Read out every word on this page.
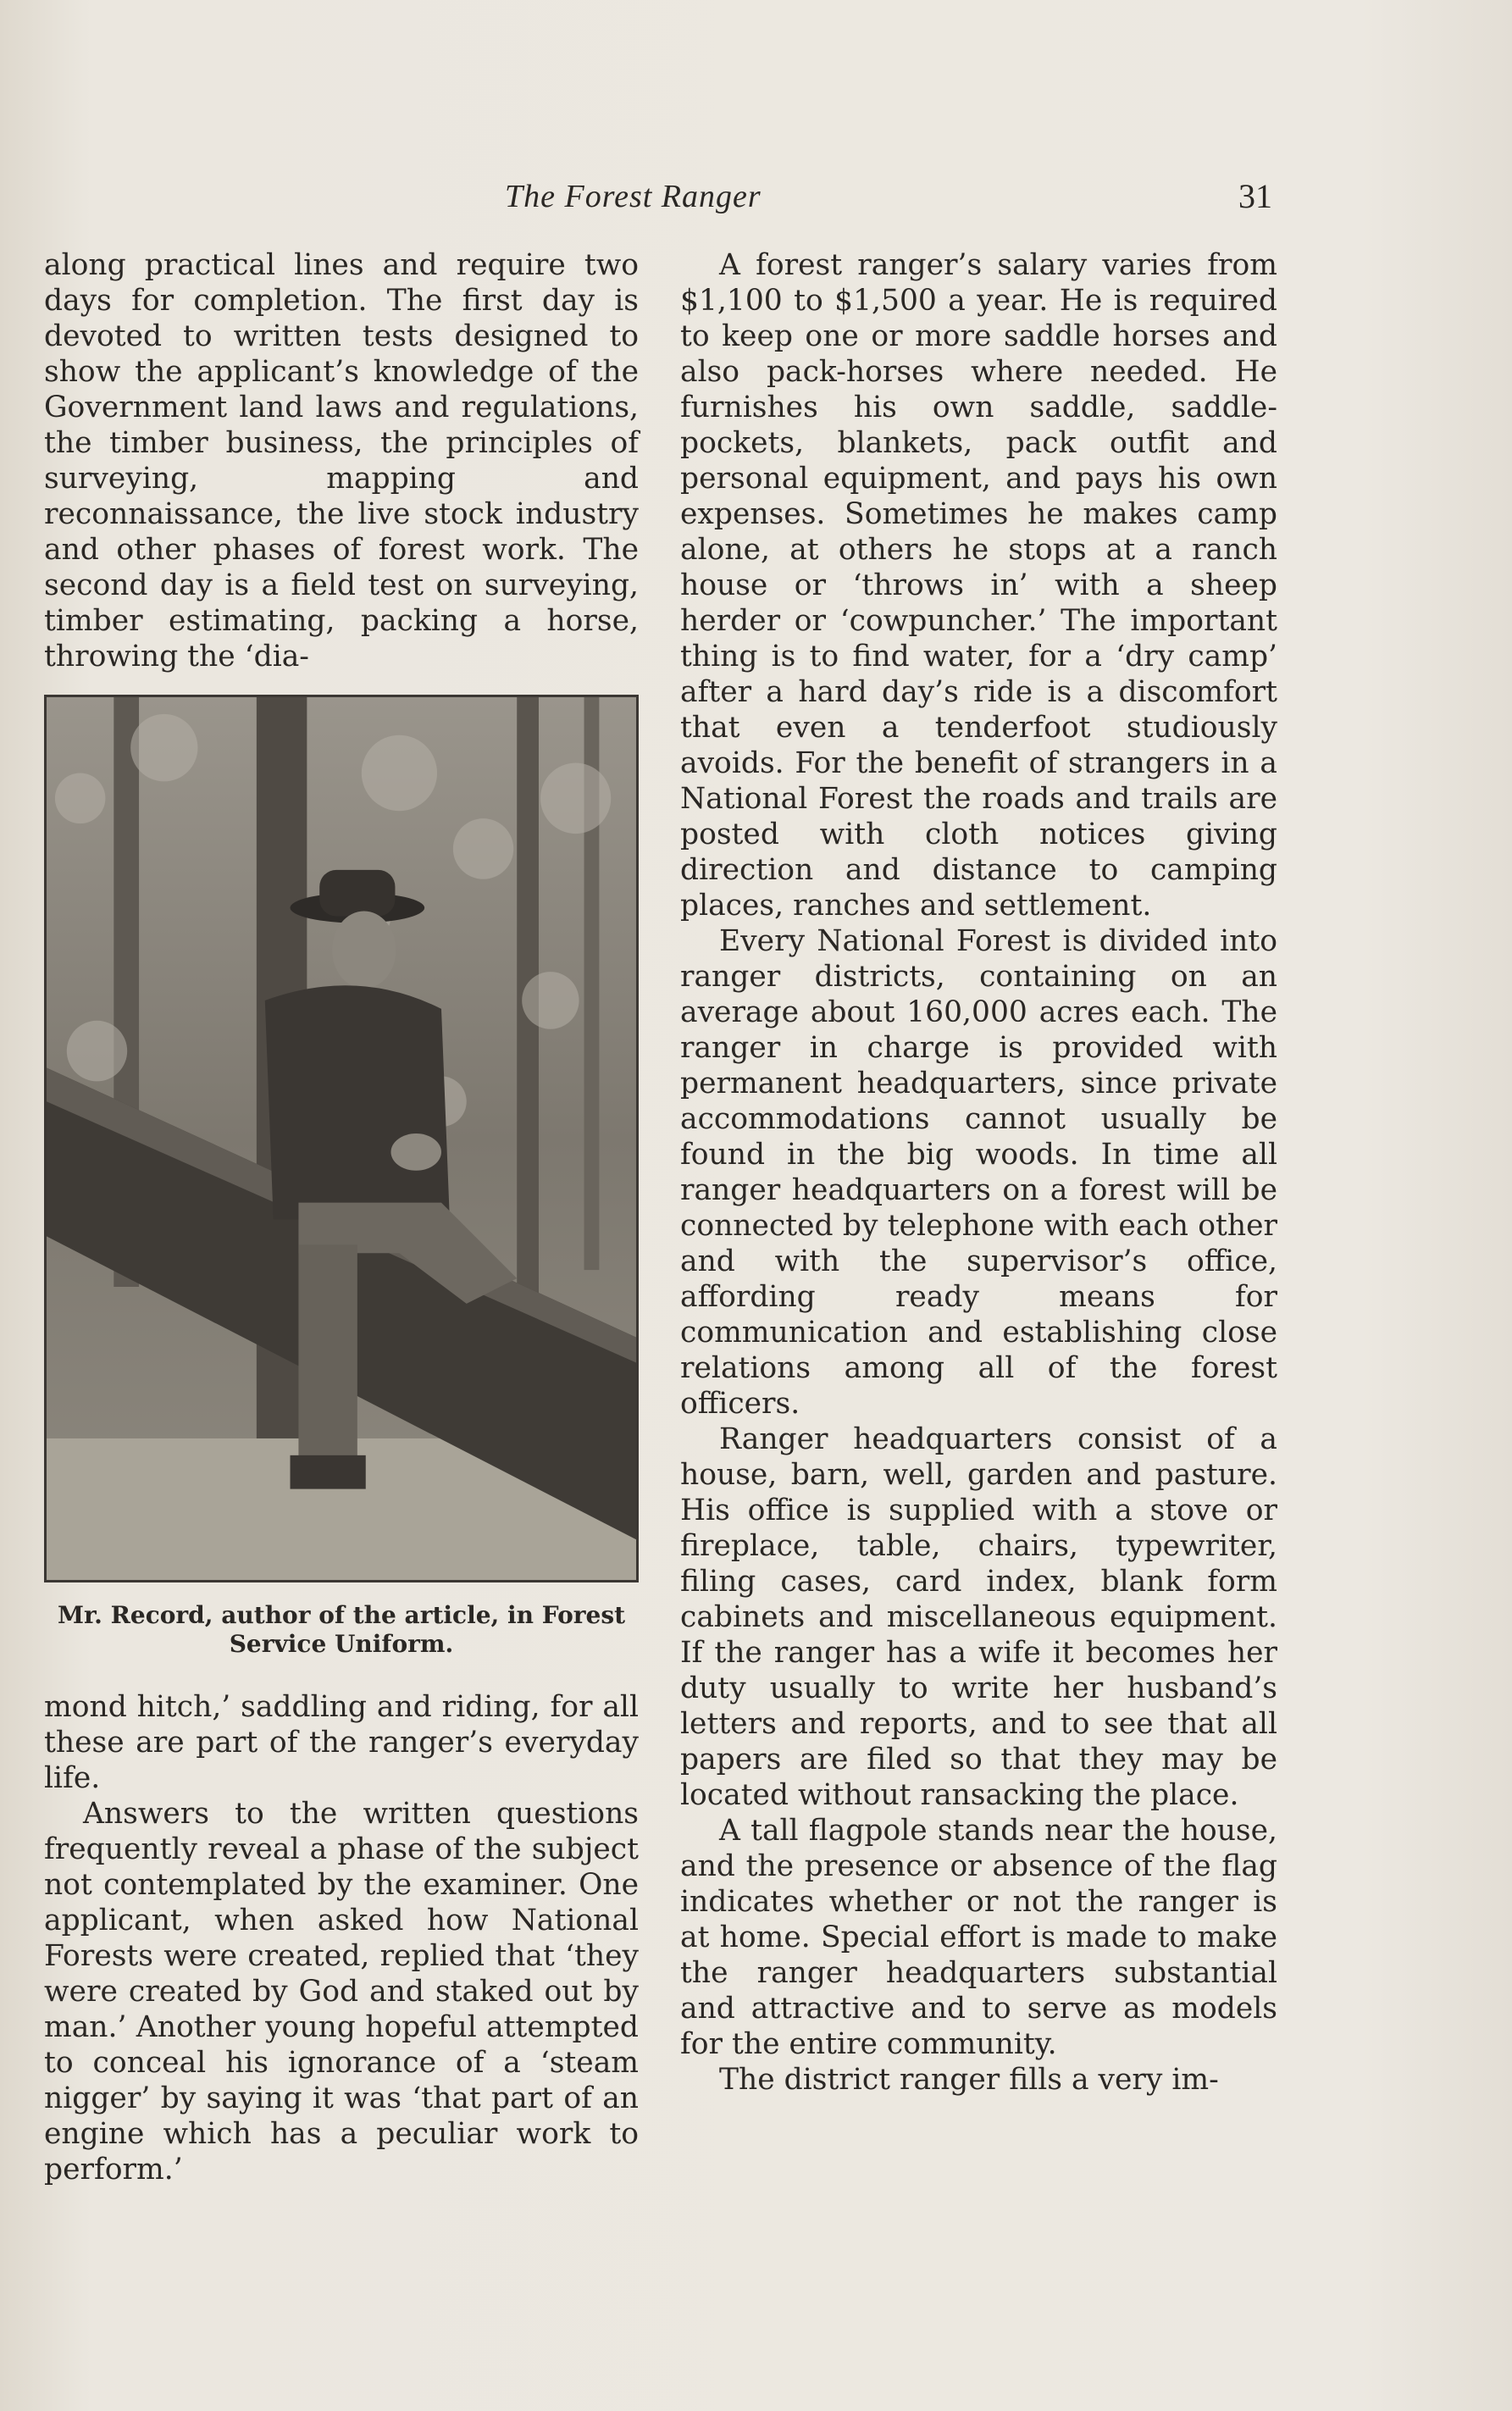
The Forest Ranger	31

along practical lines and require two days for completion. The first day is devoted to written tests designed to show the applicant’s knowledge of the Government land laws and regulations, the timber business, the principles of surveying, mapping and reconnaissance, the live stock industry and other phases of forest work. The second day is a field test on surveying, timber estimating, packing a horse, throwing the ‘dia-

Mr. Record, author of the article, in Forest Service Uniform.

mond hitch,’ saddling and riding, for all these are part of the ranger’s everyday life.

Answers to the written questions frequently reveal a phase of the subject not contemplated by the examiner. One applicant, when asked how National Forests were created, replied that ‘they were created by God and staked out by man.’ Another young hopeful attempted to conceal his ignorance of a ‘steam nigger’ by saying it was ‘that part of an engine which has a peculiar work to perform.’

A forest ranger’s salary varies from $1,100 to $1,500 a year. He is required to keep one or more saddle horses and also pack-horses where needed. He furnishes his own saddle, saddle-pockets, blankets, pack outfit and personal equipment, and pays his own expenses. Sometimes he makes camp alone, at others he stops at a ranch house or ‘throws in’ with a sheep herder or ‘cowpuncher.’ The important thing is to find water, for a ‘dry camp’ after a hard day’s ride is a discomfort that even a tenderfoot studiously avoids. For the benefit of strangers in a National Forest the roads and trails are posted with cloth notices giving direction and distance to camping places, ranches and settlement.

Every National Forest is divided into ranger districts, containing on an average about 160,000 acres each. The ranger in charge is provided with permanent headquarters, since private accommodations cannot usually be found in the big woods. In time all ranger headquarters on a forest will be connected by telephone with each other and with the supervisor’s office, affording ready means for communication and establishing close relations among all of the forest officers.

Ranger headquarters consist of a house, barn, well, garden and pasture. His office is supplied with a stove or fireplace, table, chairs, typewriter, filing cases, card index, blank form cabinets and miscellaneous equipment. If the ranger has a wife it becomes her duty usually to write her husband’s letters and reports, and to see that all papers are filed so that they may be located without ransacking the place.

A tall flagpole stands near the house, and the presence or absence of the flag indicates whether or not the ranger is at home. Special effort is made to make the ranger headquarters substantial and attractive and to serve as models for the entire community.

The district ranger fills a very im-
